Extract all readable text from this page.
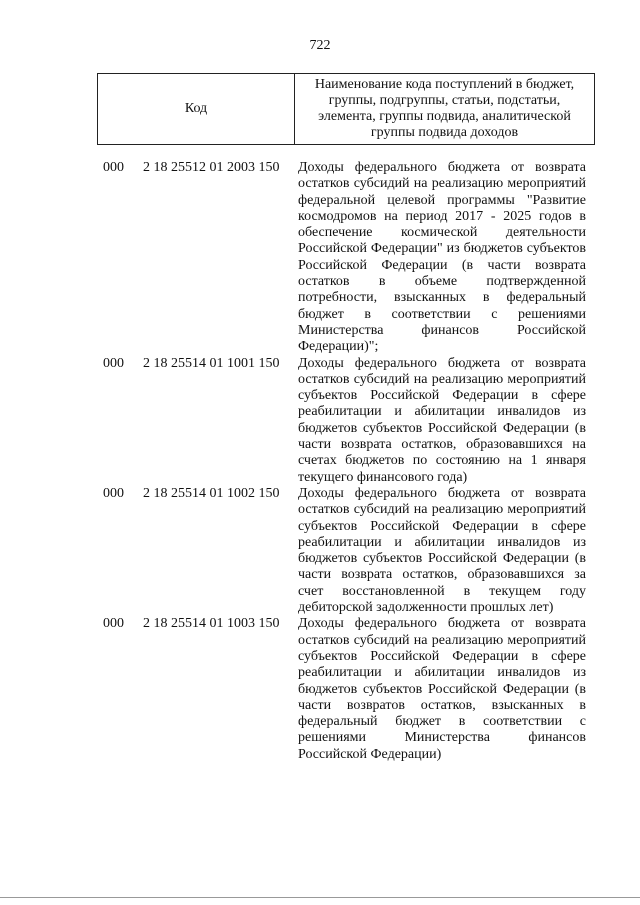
722
Код	Наименование кода поступлений в бюджет, группы, подгруппы, статьи, подстатьи, элемента, группы подвида, аналитической группы подвида доходов
000 2 18 25512 01 2003 150 Доходы федерального бюджета от возврата остатков субсидий на реализацию мероприятий федеральной целевой программы "Развитие космодромов на период 2017 - 2025 годов в обеспечение космической деятельности Российской Федерации" из бюджетов субъектов Российской Федерации (в части возврата остатков в объеме подтвержденной потребности, взысканных в федеральный бюджет в соответствии с решениями Министерства финансов Российской Федерации)";
000 2 18 25514 01 1001 150 Доходы федерального бюджета от возврата остатков субсидий на реализацию мероприятий субъектов Российской Федерации в сфере реабилитации и абилитации инвалидов из бюджетов субъектов Российской Федерации (в части возврата остатков, образовавшихся на счетах бюджетов по состоянию на 1 января текущего финансового года)
000 2 18 25514 01 1002 150 Доходы федерального бюджета от возврата остатков субсидий на реализацию мероприятий субъектов Российской Федерации в сфере реабилитации и абилитации инвалидов из бюджетов субъектов Российской Федерации (в части возврата остатков, образовавшихся за счет восстановленной в текущем году дебиторской задолженности прошлых лет)
000 2 18 25514 01 1003 150 Доходы федерального бюджета от возврата остатков субсидий на реализацию мероприятий субъектов Российской Федерации в сфере реабилитации и абилитации инвалидов из бюджетов субъектов Российской Федерации (в части возвратов остатков, взысканных в федеральный бюджет в соответствии с решениями Министерства финансов Российской Федерации)
